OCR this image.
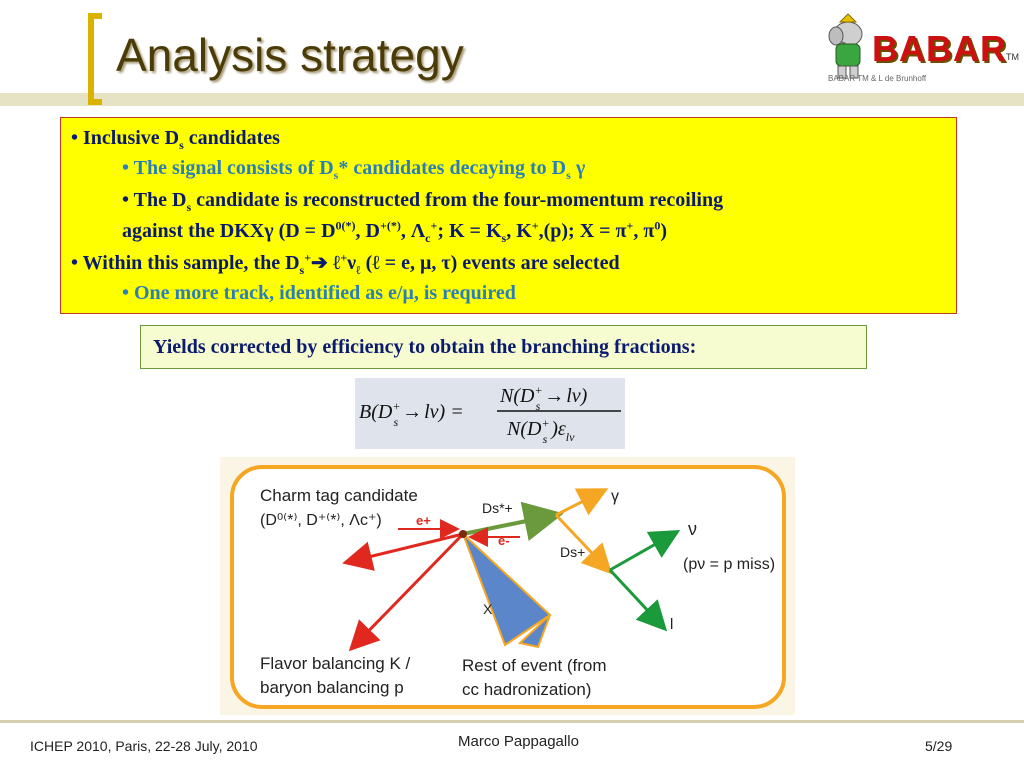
Analysis strategy	BABAR TM
BABAR TM & L de Brunhoff
• Inclusive $D_s$ candidates
• The signal consists of $D_s*$ candidates decaying to $D_s$ γ
• The $D_s$ candidate is reconstructed from the four-momentum recoiling
against the DKXγ ($D = D^{0(*)}$, D+(*), $\Lambda_c^+$; $K = K_s$, K+,(p); X = π+, $\pi^0$)
• Within this sample, the $D_s^+➔$ $\ell^+\nu_\ell$ (ℓ = e, μ, τ) events are selected
• One more track, identified as e/μ, is required
Yields corrected by efficiency to obtain the branching fractions:
B(D+ s → lν) =
N(D+ s → lν)
N(D+ s )$\varepsilon_{l\nu}$
Charm tag candidate
(D⁰⁽*⁾, D⁺⁽*⁾, Λc⁺)	e+
e-
Ds*+
γ
Ds+
ν
(pν = p miss)
X
l
Flavor balancing K /
baryon balancing p
Rest of event (from
cc hadronization)
ICHEP 2010, Paris, 22-28 July, 2010	Marco Pappagallo	5/29
